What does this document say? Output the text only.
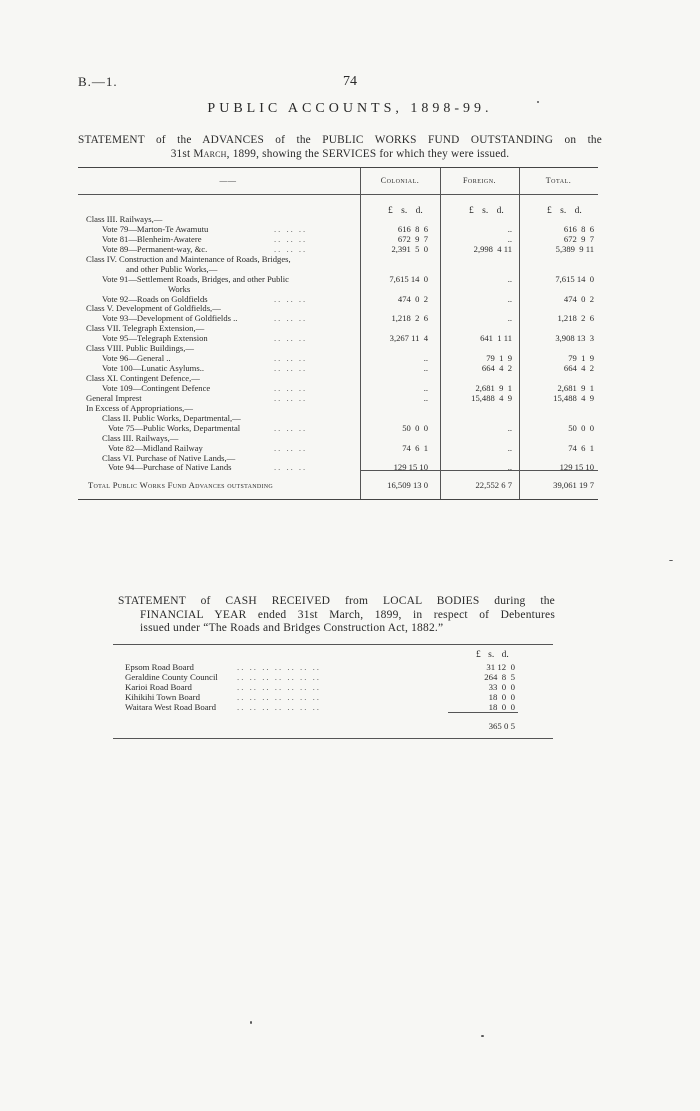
B.—1.	74
PUBLIC ACCOUNTS, 1898-99.
STATEMENT of the ADVANCES of the PUBLIC WORKS FUND OUTSTANDING on the
31st March, 1899, showing the SERVICES for which they were issued.
——	Colonial.	Foreign.	Total.
£ s. d.	£ s. d.	£ s. d.
Class III. Railways,—
Vote 79—Marton-Te Awamutu	.. .. ..	616  8  6	..	616  8  6
Vote 81—Blenheim-Awatere	.. .. ..	672  9  7	..	672  9  7
Vote 89—Permanent-way, &c.	.. .. ..	2,391  5  0	2,998  4 11	5,389  9 11
Class IV. Construction and Maintenance of Roads, Bridges,
and other Public Works,—
Vote 91—Settlement Roads, Bridges, and other Public	7,615 14  0	..	7,615 14  0
Works
Vote 92—Roads on Goldfields	.. .. ..	474  0  2	..	474  0  2
Class V. Development of Goldfields,—
Vote 93—Development of Goldfields ..	.. .. ..	1,218  2  6	..	1,218  2  6
Class VII. Telegraph Extension,—
Vote 95—Telegraph Extension	.. .. ..	3,267 11  4	641  1 11	3,908 13  3
Class VIII. Public Buildings,—
Vote 96—General ..	.. .. ..	..	79  1  9	79  1  9
Vote 100—Lunatic Asylums..	.. .. ..	..	664  4  2	664  4  2
Class XI. Contingent Defence,—
Vote 109—Contingent Defence	.. .. ..	..	2,681  9  1	2,681  9  1
General Imprest	.. .. ..	..	15,488  4  9	15,488  4  9
In Excess of Appropriations,—
Class II. Public Works, Departmental,—
Vote 75—Public Works, Departmental	.. .. ..	50  0  0	..	50  0  0
Class III. Railways,—
Vote 82—Midland Railway	.. .. ..	74  6  1	..	74  6  1
Class VI. Purchase of Native Lands,—
Vote 94—Purchase of Native Lands	.. .. ..	129 15 10	..	129 15 10
Total Public Works Fund Advances outstanding	16,509 13 0	22,552 6 7	39,061 19 7
STATEMENT of CASH RECEIVED from LOCAL BODIES during the
FINANCIAL YEAR ended 31st March, 1899, in respect of Debentures
issued under “The Roads and Bridges Construction Act, 1882.”
£ s. d.
Epsom Road Board	.. .. .. .. .. .. ..	31 12  0
Geraldine County Council .. .. .. .. .. .. ..	264  8  5
Karioi Road Board	.. .. .. .. .. .. ..	33  0  0
Kihikihi Town Board	.. .. .. .. .. .. ..	18  0  0
Waitara West Road Board .. .. .. .. .. .. ..	18  0  0
365 0 5
